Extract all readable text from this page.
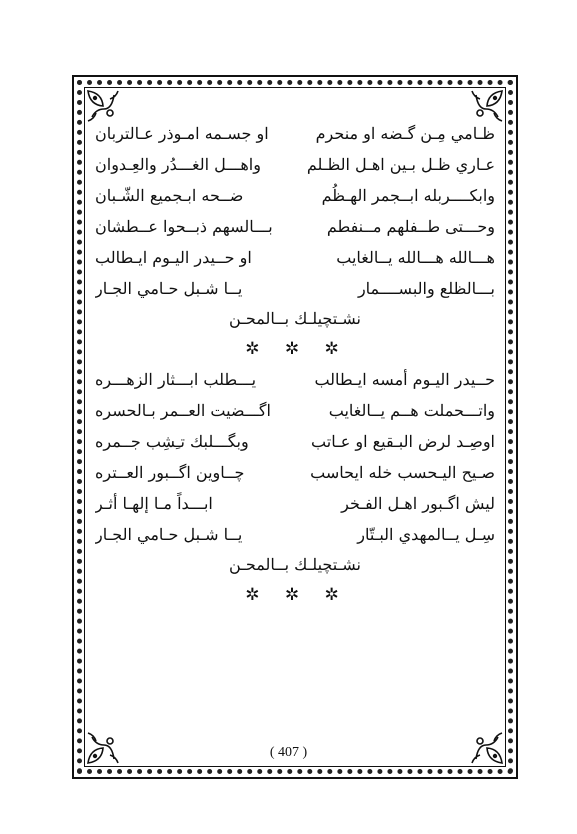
ظـامي مِـن گـضه او منحرم
او جسـمه امـوذر عـالتربان
عـاري ظـل بـين اهـل الظـلم
واهـــل الغـــدُر والعِـدوان
وابكــــربله ابــجمر الهـظُم
ضــحه ابـجميع الشّـبان
وحـــتى طــفلهم مــنفطم
بـــالسهم ذبــحوا عــطشان
هـــالله هـــالله يــالغايب
او حــيدر اليـوم ايـطالب
بـــالظلع والبســــمار
يــا شـبل حـامي الجـار
نشـتچيلـك بــالمحـن
✲ ✲ ✲
حــيدر اليـوم أمسه ايـطالب
يـــطلب ابـــثار الزهـــره
واتـــحملت هــم يــالغايب
اگـــضيت العــمر بـالحسره
اوصِـد لرض البـقيع او عـاتب
وبگـــلبك تـِشِب جــمره
صـيح اليـحسب خله ايحاسب
چــاوين اگــبور العــتره
ليش اگـبور اهـل الفـخر
ابـــداً مـا إلهـا أثـر
سِـل يــالمهدي البـتّار
يــا شـبل حـامي الجـار
نشـتچيلـك بــالمحـن
✲ ✲ ✲
( 407 )
